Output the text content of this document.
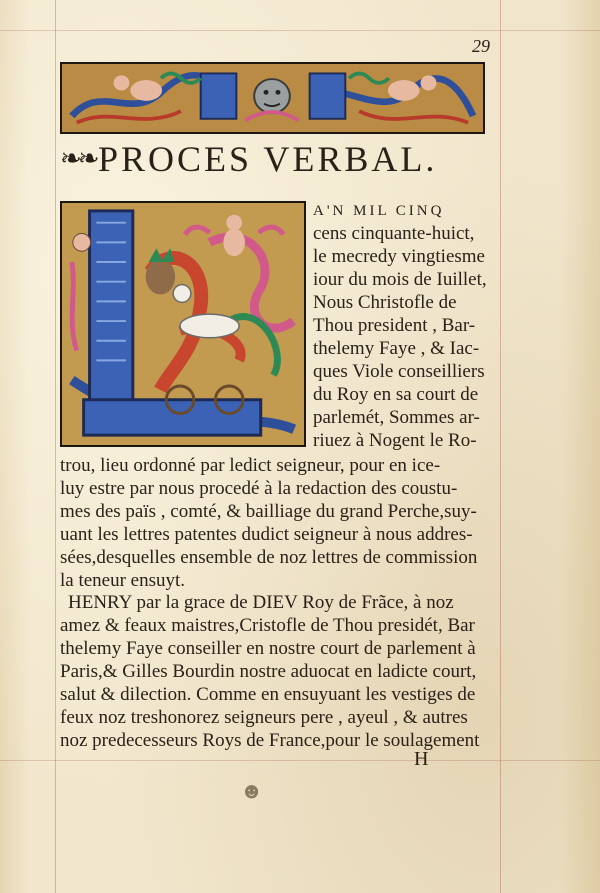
29
❧❧ PROCES VERBAL.
A'N MIL CINQ
cens cinquante-huict,
le mecredy vingtiesme
iour du mois de Iuillet,
Nous Christofle de
Thou president , Bar-
thelemy Faye , & Iac-
ques Viole conseilliers
du Roy en sa court de
parlemét, Sommes ar-
riuez à Nogent le Ro-
trou, lieu ordonné par ledict seigneur, pour en ice-
luy estre par nous procedé à la redaction des coustu-
mes des païs , comté, & bailliage du grand Perche,suy-
uant les lettres patentes dudict seigneur à nous addres-
sées,desquelles ensemble de noz lettres de commission
la teneur ensuyt.
HENRY par la grace de DIEV Roy de Frãce, à noz
amez & feaux maistres,Cristofle de Thou presidét, Bar
thelemy Faye conseiller en nostre court de parlement à
Paris,& Gilles Bourdin nostre aduocat en ladicte court,
salut & dilection. Comme en ensuyuant les vestiges de
feux noz treshonorez seigneurs pere , ayeul , & autres
noz predecesseurs Roys de France,pour le soulagement
H
☻
